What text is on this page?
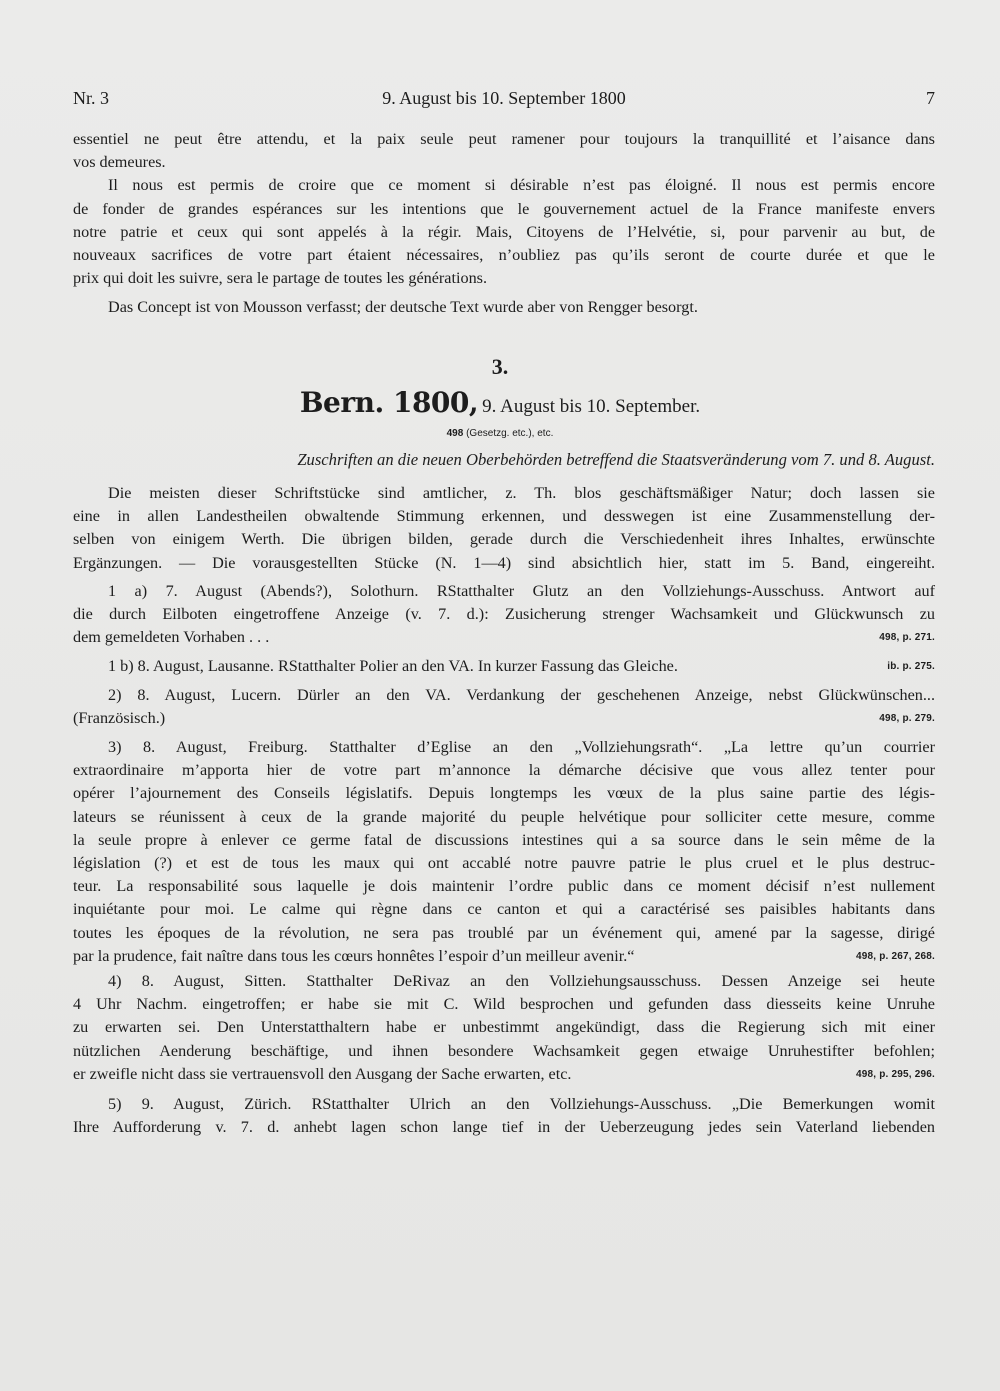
Nr. 3	9. August bis 10. September 1800	7
essentiel ne peut être attendu, et la paix seule peut ramener pour toujours la tranquillité et l’aisance dans
vos demeures.
Il nous est permis de croire que ce moment si désirable n’est pas éloigné. Il nous est permis encore
de fonder de grandes espérances sur les intentions que le gouvernement actuel de la France manifeste envers
notre patrie et ceux qui sont appelés à la régir. Mais, Citoyens de l’Helvétie, si, pour parvenir au but, de
nouveaux sacrifices de votre part étaient nécessaires, n’oubliez pas qu’ils seront de courte durée et que le
prix qui doit les suivre, sera le partage de toutes les générations.
Das Concept ist von Mousson verfasst; der deutsche Text wurde aber von Rengger besorgt.
3.
Bern. 1800, 9. August bis 10. September.
498 (Gesetzg. etc.), etc.
Zuschriften an die neuen Oberbehörden betreffend die Staatsveränderung vom 7. und 8. August.
Die meisten dieser Schriftstücke sind amtlicher, z. Th. blos geschäftsmäßiger Natur; doch lassen sie
eine in allen Landestheilen obwaltende Stimmung erkennen, und desswegen ist eine Zusammenstellung der-
selben von einigem Werth. Die übrigen bilden, gerade durch die Verschiedenheit ihres Inhaltes, erwünschte
Ergänzungen. — Die vorausgestellten Stücke (N. 1—4) sind absichtlich hier, statt im 5. Band, eingereiht.
1 a) 7. August (Abends?), Solothurn. RStatthalter Glutz an den Vollziehungs-Ausschuss. Antwort auf
die durch Eilboten eingetroffene Anzeige (v. 7. d.): Zusicherung strenger Wachsamkeit und Glückwunsch zu
dem gemeldeten Vorhaben . . .	498, p. 271.
1 b) 8. August, Lausanne. RStatthalter Polier an den VA. In kurzer Fassung das Gleiche.	ib. p. 275.
2) 8. August, Lucern. Dürler an den VA. Verdankung der geschehenen Anzeige, nebst Glückwünschen...
(Französisch.)	498, p. 279.
3) 8. August, Freiburg. Statthalter d’Eglise an den „Vollziehungsrath“. „La lettre qu’un courrier
extraordinaire m’apporta hier de votre part m’annonce la démarche décisive que vous allez tenter pour
opérer l’ajournement des Conseils législatifs. Depuis longtemps les vœux de la plus saine partie des légis-
lateurs se réunissent à ceux de la grande majorité du peuple helvétique pour solliciter cette mesure, comme
la seule propre à enlever ce germe fatal de discussions intestines qui a sa source dans le sein même de la
législation (?) et est de tous les maux qui ont accablé notre pauvre patrie le plus cruel et le plus destruc-
teur. La responsabilité sous laquelle je dois maintenir l’ordre public dans ce moment décisif n’est nullement
inquiétante pour moi. Le calme qui règne dans ce canton et qui a caractérisé ses paisibles habitants dans
toutes les époques de la révolution, ne sera pas troublé par un événement qui, amené par la sagesse, dirigé
par la prudence, fait naître dans tous les cœurs honnêtes l’espoir d’un meilleur avenir.“	498, p. 267, 268.
4) 8. August, Sitten. Statthalter DeRivaz an den Vollziehungsausschuss. Dessen Anzeige sei heute
4 Uhr Nachm. eingetroffen; er habe sie mit C. Wild besprochen und gefunden dass diesseits keine Unruhe
zu erwarten sei. Den Unterstatthaltern habe er unbestimmt angekündigt, dass die Regierung sich mit einer
nützlichen Aenderung beschäftige, und ihnen besondere Wachsamkeit gegen etwaige Unruhestifter befohlen;
er zweifle nicht dass sie vertrauensvoll den Ausgang der Sache erwarten, etc.	498, p. 295, 296.
5) 9. August, Zürich. RStatthalter Ulrich an den Vollziehungs-Ausschuss. „Die Bemerkungen womit
Ihre Aufforderung v. 7. d. anhebt lagen schon lange tief in der Ueberzeugung jedes sein Vaterland liebenden
